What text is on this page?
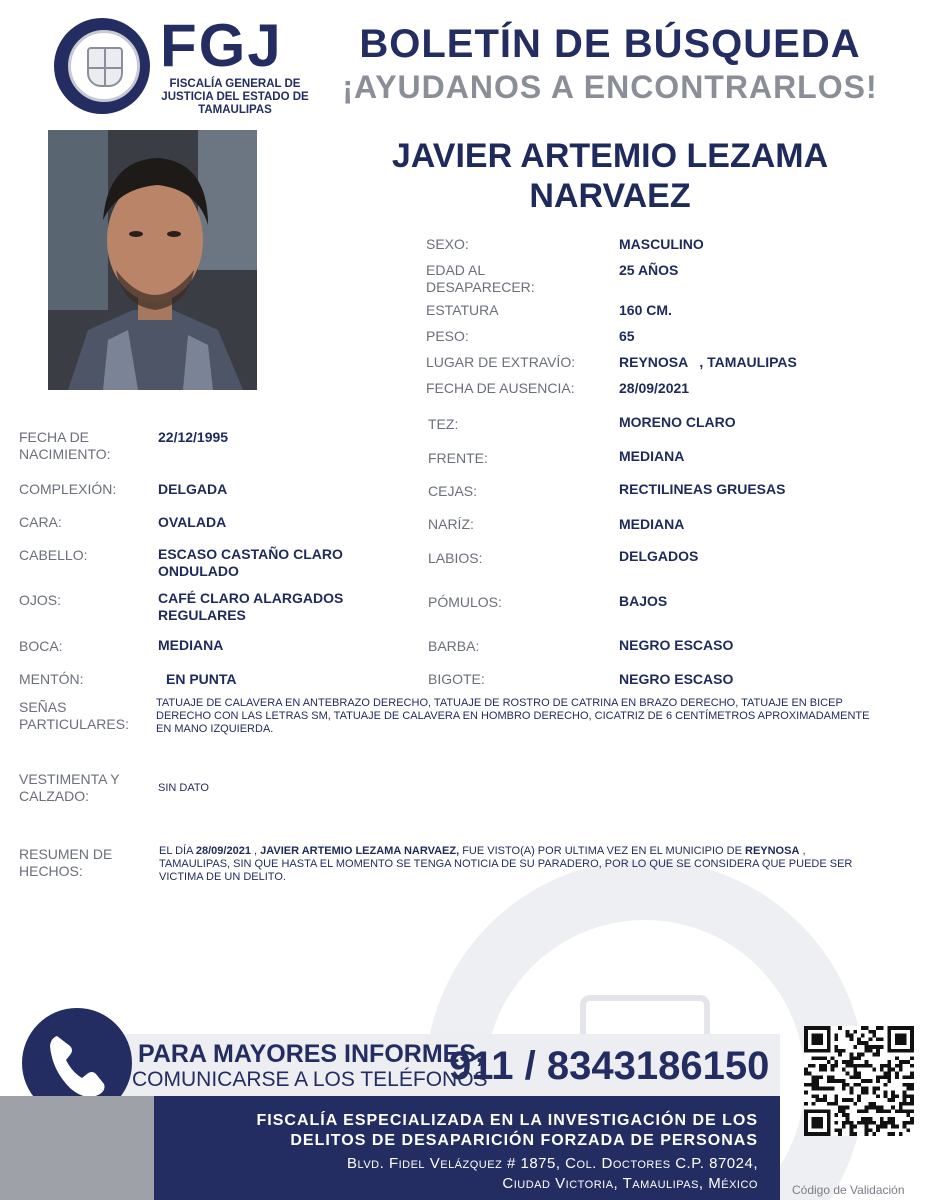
FGJ
FISCALÍA GENERAL DE JUSTICIA DEL ESTADO DE TAMAULIPAS
BOLETÍN DE BÚSQUEDA
¡AYUDANOS A ENCONTRARLOS!
JAVIER ARTEMIO LEZAMA NARVAEZ
SEXO:	MASCULINO
EDAD AL DESAPARECER:
25 AÑOS
ESTATURA	160 CM.
PESO:	65
LUGAR DE EXTRAVÍO:	REYNOSA   , TAMAULIPAS
FECHA DE AUSENCIA:	28/09/2021
FECHA DE NACIMIENTO:
22/12/1995
COMPLEXIÓN:	DELGADA
CARA:	OVALADA
CABELLO:	ESCASO CASTAÑO CLARO ONDULADO
OJOS:	CAFÉ CLARO ALARGADOS REGULARES
BOCA:	MEDIANA
MENTÓN:	EN PUNTA
TEZ:	MORENO CLARO
FRENTE:	MEDIANA
CEJAS:	RECTILINEAS GRUESAS
NARÍZ:	MEDIANA
LABIOS:	DELGADOS
PÓMULOS:	BAJOS
BARBA:	NEGRO ESCASO
BIGOTE:	NEGRO ESCASO
SEÑAS PARTICULARES:
TATUAJE DE CALAVERA EN ANTEBRAZO DERECHO, TATUAJE DE ROSTRO DE CATRINA EN BRAZO DERECHO, TATUAJE EN BICEP DERECHO CON LAS LETRAS SM, TATUAJE DE CALAVERA EN HOMBRO DERECHO, CICATRIZ DE 6 CENTÍMETROS APROXIMADAMENTE EN MANO IZQUIERDA.
VESTIMENTA Y CALZADO:	SIN DATO
RESUMEN DE HECHOS:
EL DÍA 28/09/2021 , JAVIER ARTEMIO LEZAMA NARVAEZ, FUE VISTO(A) POR ULTIMA VEZ EN EL MUNICIPIO DE REYNOSA , TAMAULIPAS, SIN QUE HASTA EL MOMENTO SE TENGA NOTICIA DE SU PARADERO, POR LO QUE SE CONSIDERA QUE PUEDE SER VICTIMA DE UN DELITO.
PARA MAYORES INFORMES,
COMUNICARSE A LOS TELÉFONOS
911 / 8343186150
FISCALÍA ESPECIALIZADA EN LA INVESTIGACIÓN DE LOS
DELITOS DE DESAPARICIÓN FORZADA DE PERSONAS
Blvd. Fidel Velázquez # 1875, Col. Doctores C.P. 87024,
Ciudad Victoria, Tamaulipas, México	Código de Validación
